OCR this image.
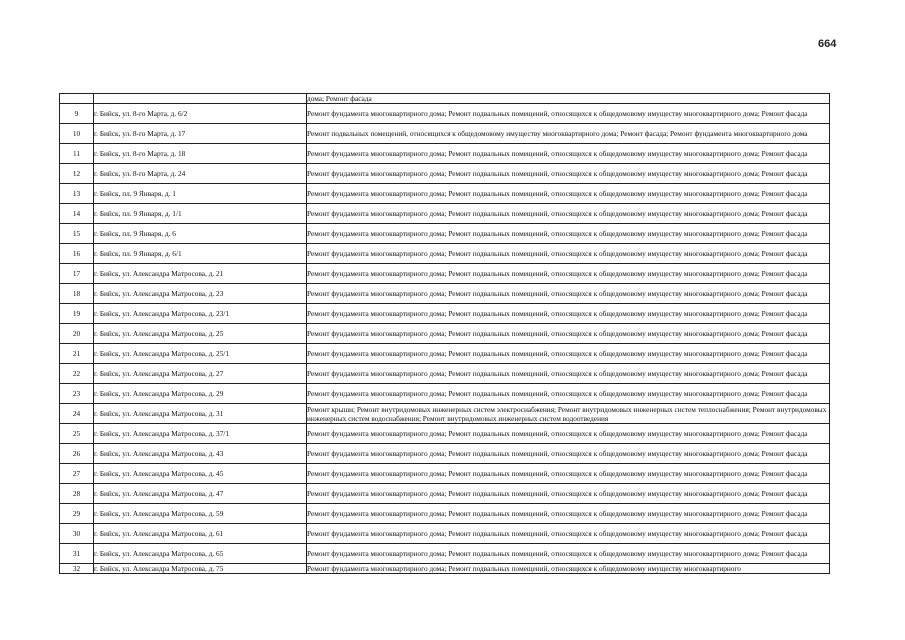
664
		дома; Ремонт фасада
9	г. Бийск, ул. 8-го Марта, д. 6/2	Ремонт фундамента многоквартирного дома; Ремонт подвальных помещений, относящихся к общедомовому имуществу многоквартирного дома; Ремонт фасада
10	г. Бийск, ул. 8-го Марта, д. 17	Ремонт подвальных помещений, относящихся к общедомовому имуществу многоквартирного дома; Ремонт фасада; Ремонт фундамента многоквартирного дома
11	г. Бийск, ул. 8-го Марта, д. 18	Ремонт фундамента многоквартирного дома; Ремонт подвальных помещений, относящихся к общедомовому имуществу многоквартирного дома; Ремонт фасада
12	г. Бийск, ул. 8-го Марта, д. 24	Ремонт фундамента многоквартирного дома; Ремонт подвальных помещений, относящихся к общедомовому имуществу многоквартирного дома; Ремонт фасада
13	г. Бийск, пл. 9 Января, д. 1	Ремонт фундамента многоквартирного дома; Ремонт подвальных помещений, относящихся к общедомовому имуществу многоквартирного дома; Ремонт фасада
14	г. Бийск, пл. 9 Января, д. 1/1	Ремонт фундамента многоквартирного дома; Ремонт подвальных помещений, относящихся к общедомовому имуществу многоквартирного дома; Ремонт фасада
15	г. Бийск, пл. 9 Января, д. 6	Ремонт фундамента многоквартирного дома; Ремонт подвальных помещений, относящихся к общедомовому имуществу многоквартирного дома; Ремонт фасада
16	г. Бийск, пл. 9 Января, д. 6/1	Ремонт фундамента многоквартирного дома; Ремонт подвальных помещений, относящихся к общедомовому имуществу многоквартирного дома; Ремонт фасада
17	г. Бийск, ул. Александра Матросова, д. 21	Ремонт фундамента многоквартирного дома; Ремонт подвальных помещений, относящихся к общедомовому имуществу многоквартирного дома; Ремонт фасада
18	г. Бийск, ул. Александра Матросова, д. 23	Ремонт фундамента многоквартирного дома; Ремонт подвальных помещений, относящихся к общедомовому имуществу многоквартирного дома; Ремонт фасада
19	г. Бийск, ул. Александра Матросова, д. 23/1	Ремонт фундамента многоквартирного дома; Ремонт подвальных помещений, относящихся к общедомовому имуществу многоквартирного дома; Ремонт фасада
20	г. Бийск, ул. Александра Матросова, д. 25	Ремонт фундамента многоквартирного дома; Ремонт подвальных помещений, относящихся к общедомовому имуществу многоквартирного дома; Ремонт фасада
21	г. Бийск, ул. Александра Матросова, д. 25/1	Ремонт фундамента многоквартирного дома; Ремонт подвальных помещений, относящихся к общедомовому имуществу многоквартирного дома; Ремонт фасада
22	г. Бийск, ул. Александра Матросова, д. 27	Ремонт фундамента многоквартирного дома; Ремонт подвальных помещений, относящихся к общедомовому имуществу многоквартирного дома; Ремонт фасада
23	г. Бийск, ул. Александра Матросова, д. 29	Ремонт фундамента многоквартирного дома; Ремонт подвальных помещений, относящихся к общедомовому имуществу многоквартирного дома; Ремонт фасада
24	г. Бийск, ул. Александра Матросова, д. 31	Ремонт крыши; Ремонт внутридомовых инженерных систем электроснабжения; Ремонт внутридомовых инженерных систем теплоснабжения; Ремонт внутридомовых инженерных систем водоснабжения; Ремонт внутридомовых инженерных систем водоотведения
25	г. Бийск, ул. Александра Матросова, д. 37/1	Ремонт фундамента многоквартирного дома; Ремонт подвальных помещений, относящихся к общедомовому имуществу многоквартирного дома; Ремонт фасада
26	г. Бийск, ул. Александра Матросова, д. 43	Ремонт фундамента многоквартирного дома; Ремонт подвальных помещений, относящихся к общедомовому имуществу многоквартирного дома; Ремонт фасада
27	г. Бийск, ул. Александра Матросова, д. 45	Ремонт фундамента многоквартирного дома; Ремонт подвальных помещений, относящихся к общедомовому имуществу многоквартирного дома; Ремонт фасада
28	г. Бийск, ул. Александра Матросова, д. 47	Ремонт фундамента многоквартирного дома; Ремонт подвальных помещений, относящихся к общедомовому имуществу многоквартирного дома; Ремонт фасада
29	г. Бийск, ул. Александра Матросова, д. 59	Ремонт фундамента многоквартирного дома; Ремонт подвальных помещений, относящихся к общедомовому имуществу многоквартирного дома; Ремонт фасада
30	г. Бийск, ул. Александра Матросова, д. 61	Ремонт фундамента многоквартирного дома; Ремонт подвальных помещений, относящихся к общедомовому имуществу многоквартирного дома; Ремонт фасада
31	г. Бийск, ул. Александра Матросова, д. 65	Ремонт фундамента многоквартирного дома; Ремонт подвальных помещений, относящихся к общедомовому имуществу многоквартирного дома; Ремонт фасада
32	г. Бийск, ул. Александра Матросова, д. 75	Ремонт фундамента многоквартирного дома; Ремонт подвальных помещений, относящихся к общедомовому имуществу многоквартирного
